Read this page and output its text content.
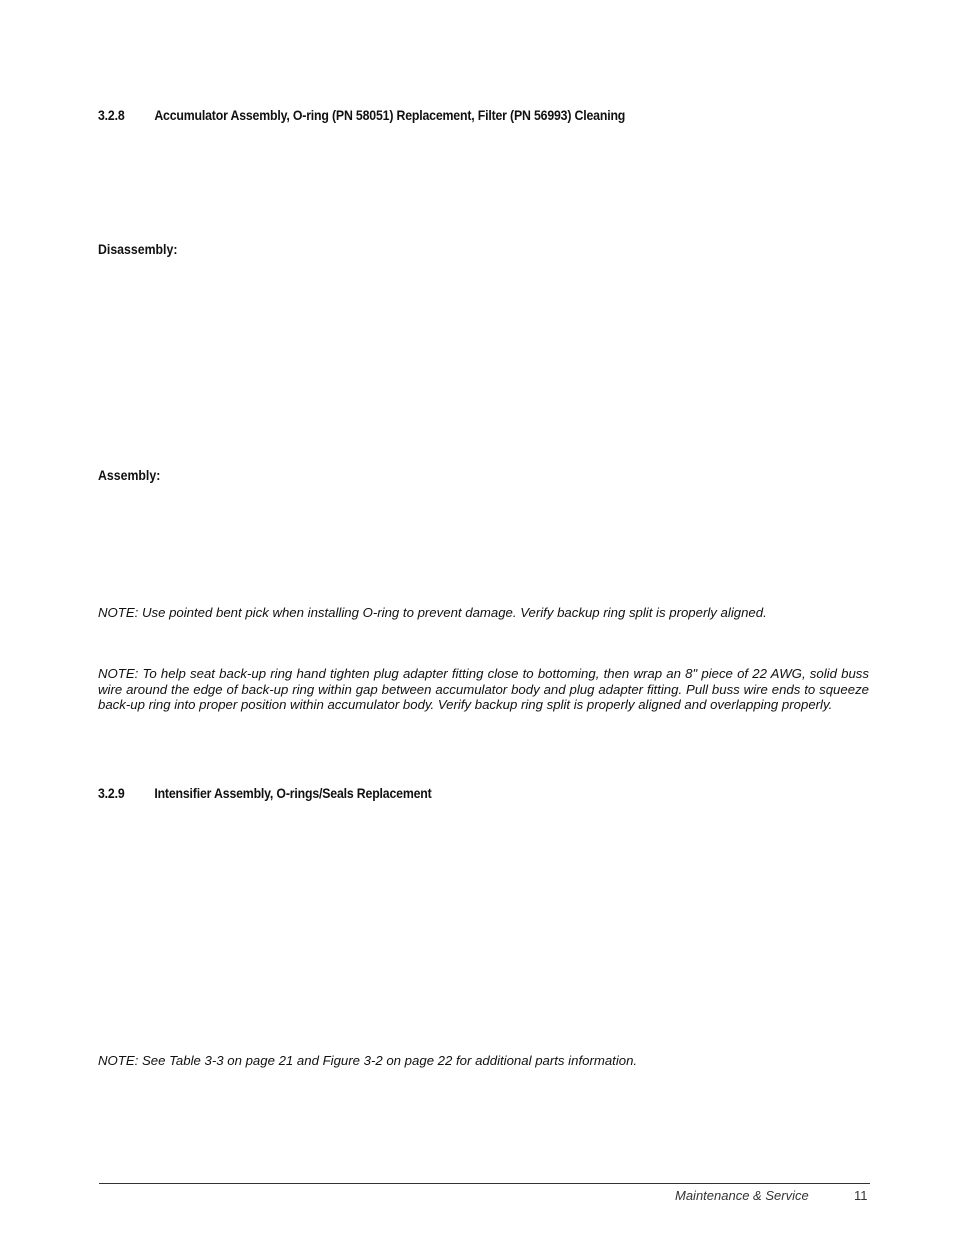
3.2.8 Accumulator Assembly, O-ring (PN 58051) Replacement, Filter (PN 56993) Cleaning
Disassembly:
Assembly:
NOTE: Use pointed bent pick when installing O-ring to prevent damage. Verify backup ring split is properly aligned.
NOTE: To help seat back-up ring hand tighten plug adapter fitting close to bottoming, then wrap an 8" piece of 22 AWG, solid buss wire around the edge of back-up ring within gap between accumulator body and plug adapter fitting. Pull buss wire ends to squeeze back-up ring into proper position within accumulator body. Verify backup ring split is properly aligned and overlapping properly.
3.2.9 Intensifier Assembly, O-rings/Seals Replacement
NOTE: See Table 3-3 on page 21 and Figure 3-2 on page 22 for additional parts information.
Maintenance & Service	11
